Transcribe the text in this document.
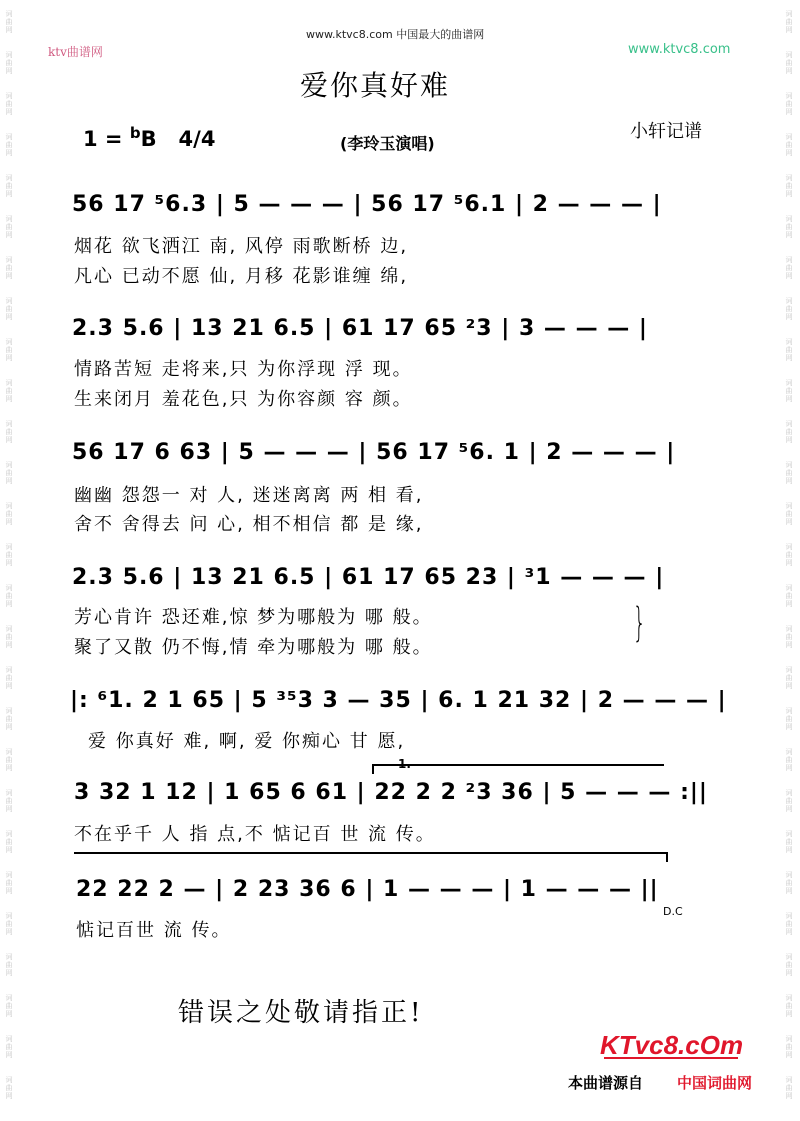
词曲网
词曲网
词曲网
词曲网
词曲网
词曲网
词曲网
词曲网
词曲网
词曲网
词曲网
词曲网
词曲网
词曲网
词曲网
词曲网
词曲网
词曲网
词曲网
词曲网
词曲网
词曲网
词曲网
词曲网
词曲网
词曲网
词曲网
词曲网
词曲网
词曲网
词曲网
词曲网
词曲网
词曲网
词曲网
词曲网
词曲网
词曲网
词曲网
词曲网
词曲网
词曲网
词曲网
词曲网
词曲网
词曲网
词曲网
词曲网
词曲网
词曲网
词曲网
词曲网
词曲网
词曲网
www.ktvc8.com 中国最大的曲谱网
ktv曲谱网	www.ktvc8.com
爱你真好难
1 = $^b$B 4/4	(李玲玉演唱)
小轩记谱
56 17 ⁵6.3 | 5 — — — | 56 17 ⁵6.1 | 2 — — — |
烟花 欲飞洒江 南, 风停 雨歌断桥 边,
凡心 已动不愿 仙, 月移 花影谁缠 绵,
2.3 5.6 | 13 21 6.5 | 61 17 65 ²3 | 3 — — — |
情路苦短 走将来,只 为你浮现 浮 现。
生来闭月 羞花色,只 为你容颜 容 颜。
56 17 6 63 | 5 — — — | 56 17 ⁵6. 1 | 2 — — — |
幽幽 怨怨一 对 人, 迷迷离离 两 相 看,
舍不 舍得去 问 心, 相不相信 都 是 缘,
2.3 5.6 | 13 21 6.5 | 61 17 65 23 | ³1 — — — |
芳心肯许 恐还难,惊 梦为哪般为 哪 般。
聚了又散 仍不悔,情 牵为哪般为 哪 般。
}
|: ⁶1. 2 1 65 | 5 ³⁵3 3 — 35 | 6. 1 21 32 | 2 — — — |
爱 你真好 难, 啊, 爱 你痴心 甘 愿,
1.
3 32 1 12 | 1 65 6 61 | 22 2 2 ²3 36 | 5 — — — :||
不在乎千 人 指 点,不 惦记百 世 流 传。
22 22 2 — | 2 23 36 6 | 1 — — — | 1 — — — ||
惦记百世 流 传。
D.C
错误之处敬请指正!
KTvc8.cOm
本曲谱源自 中国词曲网
